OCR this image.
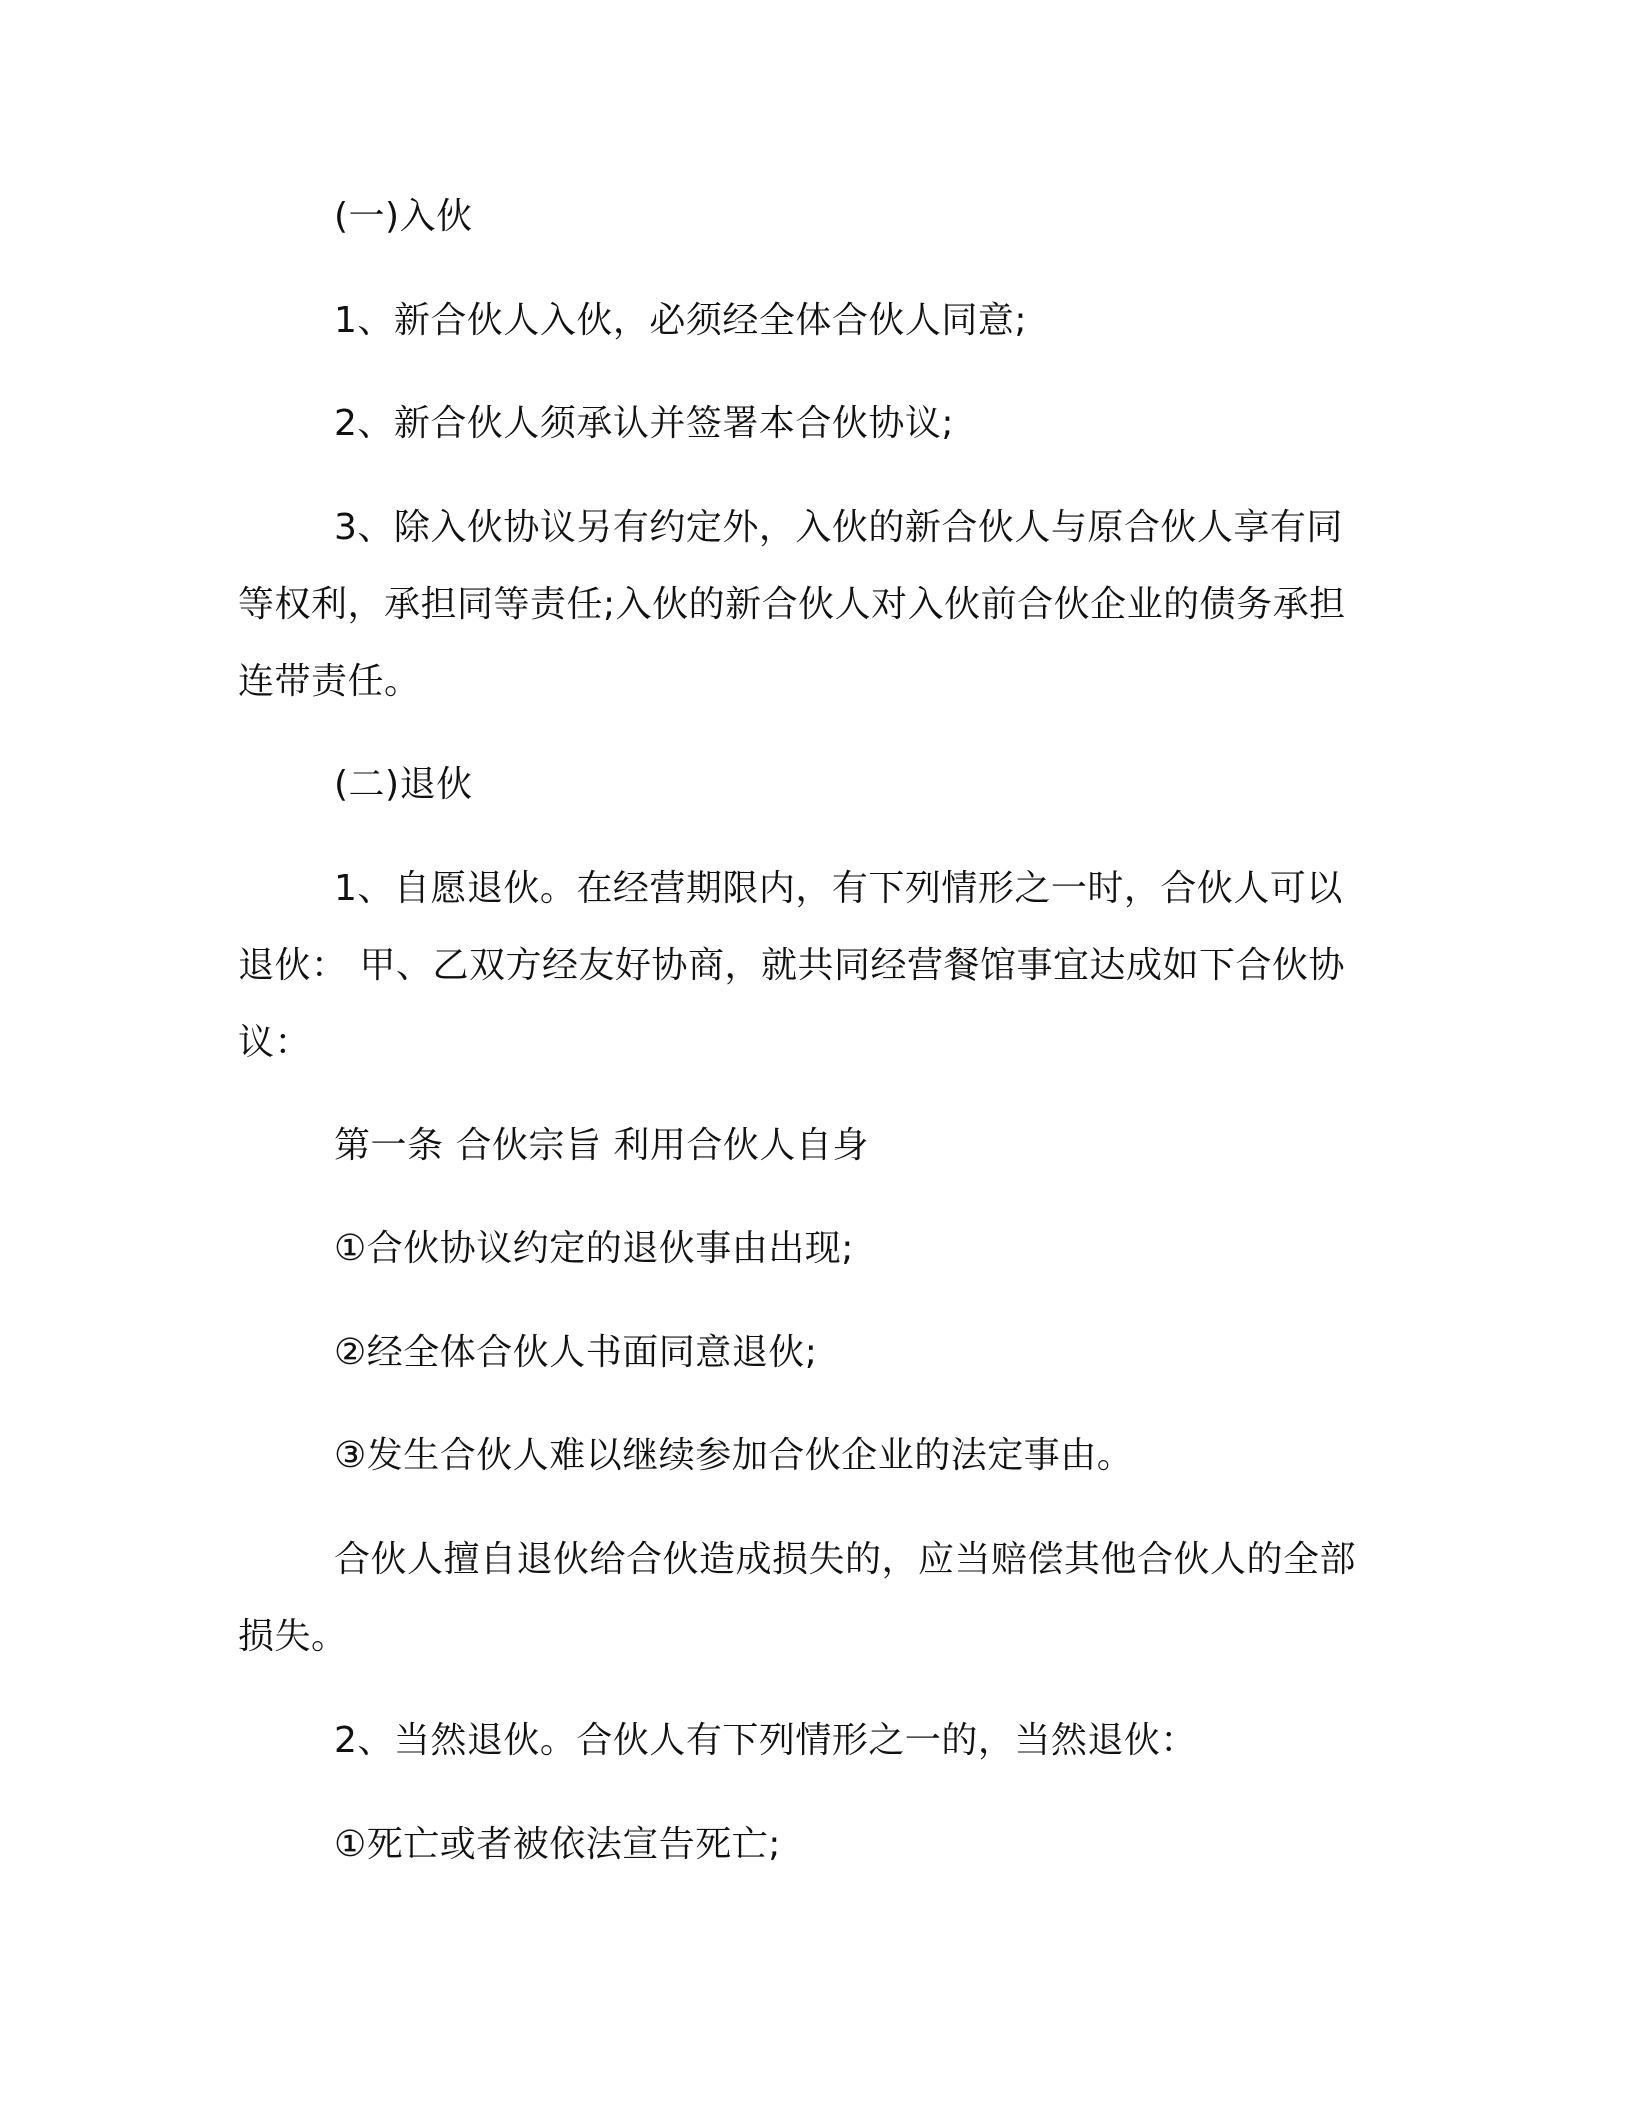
(一)入伙

1、新合伙人入伙，必须经全体合伙人同意;

2、新合伙人须承认并签署本合伙协议;

3、除入伙协议另有约定外，入伙的新合伙人与原合伙人享有同等权利，承担同等责任;入伙的新合伙人对入伙前合伙企业的债务承担连带责任。

(二)退伙

1、自愿退伙。在经营期限内，有下列情形之一时，合伙人可以退伙： 甲、乙双方经友好协商，就共同经营餐馆事宜达成如下合伙协议：

第一条 合伙宗旨 利用合伙人自身

①合伙协议约定的退伙事由出现;

②经全体合伙人书面同意退伙;

③发生合伙人难以继续参加合伙企业的法定事由。

合伙人擅自退伙给合伙造成损失的，应当赔偿其他合伙人的全部损失。

2、当然退伙。合伙人有下列情形之一的，当然退伙：

①死亡或者被依法宣告死亡;
